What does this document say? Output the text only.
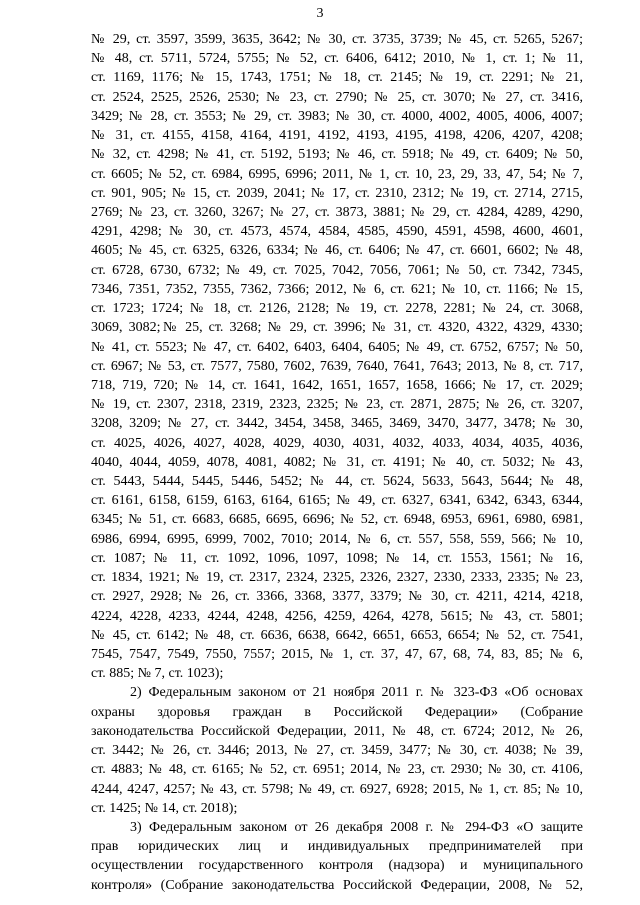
3
№ 29, ст. 3597, 3599, 3635, 3642; № 30, ст. 3735, 3739; № 45, ст. 5265, 5267;
№ 48, ст. 5711, 5724, 5755; № 52, ст. 6406, 6412; 2010, № 1, ст. 1; № 11,
ст. 1169, 1176; № 15, 1743, 1751; № 18, ст. 2145; № 19, ст. 2291; № 21,
ст. 2524, 2525, 2526, 2530; № 23, ст. 2790; № 25, ст. 3070; № 27, ст. 3416,
3429; № 28, ст. 3553; № 29, ст. 3983; № 30, ст. 4000, 4002, 4005, 4006, 4007;
№ 31, ст. 4155, 4158, 4164, 4191, 4192, 4193, 4195, 4198, 4206, 4207, 4208;
№ 32, ст. 4298; № 41, ст. 5192, 5193; № 46, ст. 5918; № 49, ст. 6409; № 50,
ст. 6605; № 52, ст. 6984, 6995, 6996; 2011, № 1, ст. 10, 23, 29, 33, 47, 54; № 7,
ст. 901, 905; № 15, ст. 2039, 2041; № 17, ст. 2310, 2312; № 19, ст. 2714, 2715,
2769; № 23, ст. 3260, 3267; № 27, ст. 3873, 3881; № 29, ст. 4284, 4289, 4290,
4291, 4298; № 30, ст. 4573, 4574, 4584, 4585, 4590, 4591, 4598, 4600, 4601,
4605; № 45, ст. 6325, 6326, 6334; № 46, ст. 6406; № 47, ст. 6601, 6602; № 48,
ст. 6728, 6730, 6732; № 49, ст. 7025, 7042, 7056, 7061; № 50, ст. 7342, 7345,
7346, 7351, 7352, 7355, 7362, 7366; 2012, № 6, ст. 621; № 10, ст. 1166; № 15,
ст. 1723; 1724; № 18, ст. 2126, 2128; № 19, ст. 2278, 2281; № 24, ст. 3068,
3069, 3082;№ 25, ст. 3268; № 29, ст. 3996; № 31, ст. 4320, 4322, 4329, 4330;
№ 41, ст. 5523; № 47, ст. 6402, 6403, 6404, 6405; № 49, ст. 6752, 6757; № 50,
ст. 6967; № 53, ст. 7577, 7580, 7602, 7639, 7640, 7641, 7643; 2013, № 8, ст. 717,
718, 719, 720; № 14, ст. 1641, 1642, 1651, 1657, 1658, 1666; № 17, ст. 2029;
№ 19, ст. 2307, 2318, 2319, 2323, 2325; № 23, ст. 2871, 2875; № 26, ст. 3207,
3208, 3209; № 27, ст. 3442, 3454, 3458, 3465, 3469, 3470, 3477, 3478; № 30,
ст. 4025, 4026, 4027, 4028, 4029, 4030, 4031, 4032, 4033, 4034, 4035, 4036,
4040, 4044, 4059, 4078, 4081, 4082; № 31, ст. 4191; № 40, ст. 5032; № 43,
ст. 5443, 5444, 5445, 5446, 5452; № 44, ст. 5624, 5633, 5643, 5644; № 48,
ст. 6161, 6158, 6159, 6163, 6164, 6165; № 49, ст. 6327, 6341, 6342, 6343, 6344,
6345; № 51, ст. 6683, 6685, 6695, 6696; № 52, ст. 6948, 6953, 6961, 6980, 6981,
6986, 6994, 6995, 6999, 7002, 7010; 2014, № 6, ст. 557, 558, 559, 566; № 10,
ст. 1087; № 11, ст. 1092, 1096, 1097, 1098; № 14, ст. 1553, 1561; № 16,
ст. 1834, 1921; № 19, ст. 2317, 2324, 2325, 2326, 2327, 2330, 2333, 2335; № 23,
ст. 2927, 2928; № 26, ст. 3366, 3368, 3377, 3379; № 30, ст. 4211, 4214, 4218,
4224, 4228, 4233, 4244, 4248, 4256, 4259, 4264, 4278, 5615; № 43, ст. 5801;
№ 45, ст. 6142; № 48, ст. 6636, 6638, 6642, 6651, 6653, 6654; № 52, ст. 7541,
7545, 7547, 7549, 7550, 7557; 2015, № 1, ст. 37, 47, 67, 68, 74, 83, 85; № 6,
ст. 885; № 7, ст. 1023);
2) Федеральным законом от 21 ноября 2011 г. № 323-ФЗ «Об основах
охраны здоровья граждан в Российской Федерации» (Собрание
законодательства Российской Федерации, 2011, № 48, ст. 6724; 2012, № 26,
ст. 3442; № 26, ст. 3446; 2013, № 27, ст. 3459, 3477; № 30, ст. 4038; № 39,
ст. 4883; № 48, ст. 6165; № 52, ст. 6951; 2014, № 23, ст. 2930; № 30, ст. 4106,
4244, 4247, 4257; № 43, ст. 5798; № 49, ст. 6927, 6928; 2015, № 1, ст. 85; № 10,
ст. 1425; № 14, ст. 2018);
3) Федеральным законом от 26 декабря 2008 г. № 294-ФЗ «О защите
прав юридических лиц и индивидуальных предпринимателей при
осуществлении государственного контроля (надзора) и муниципального
контроля» (Собрание законодательства Российской Федерации, 2008, № 52,
